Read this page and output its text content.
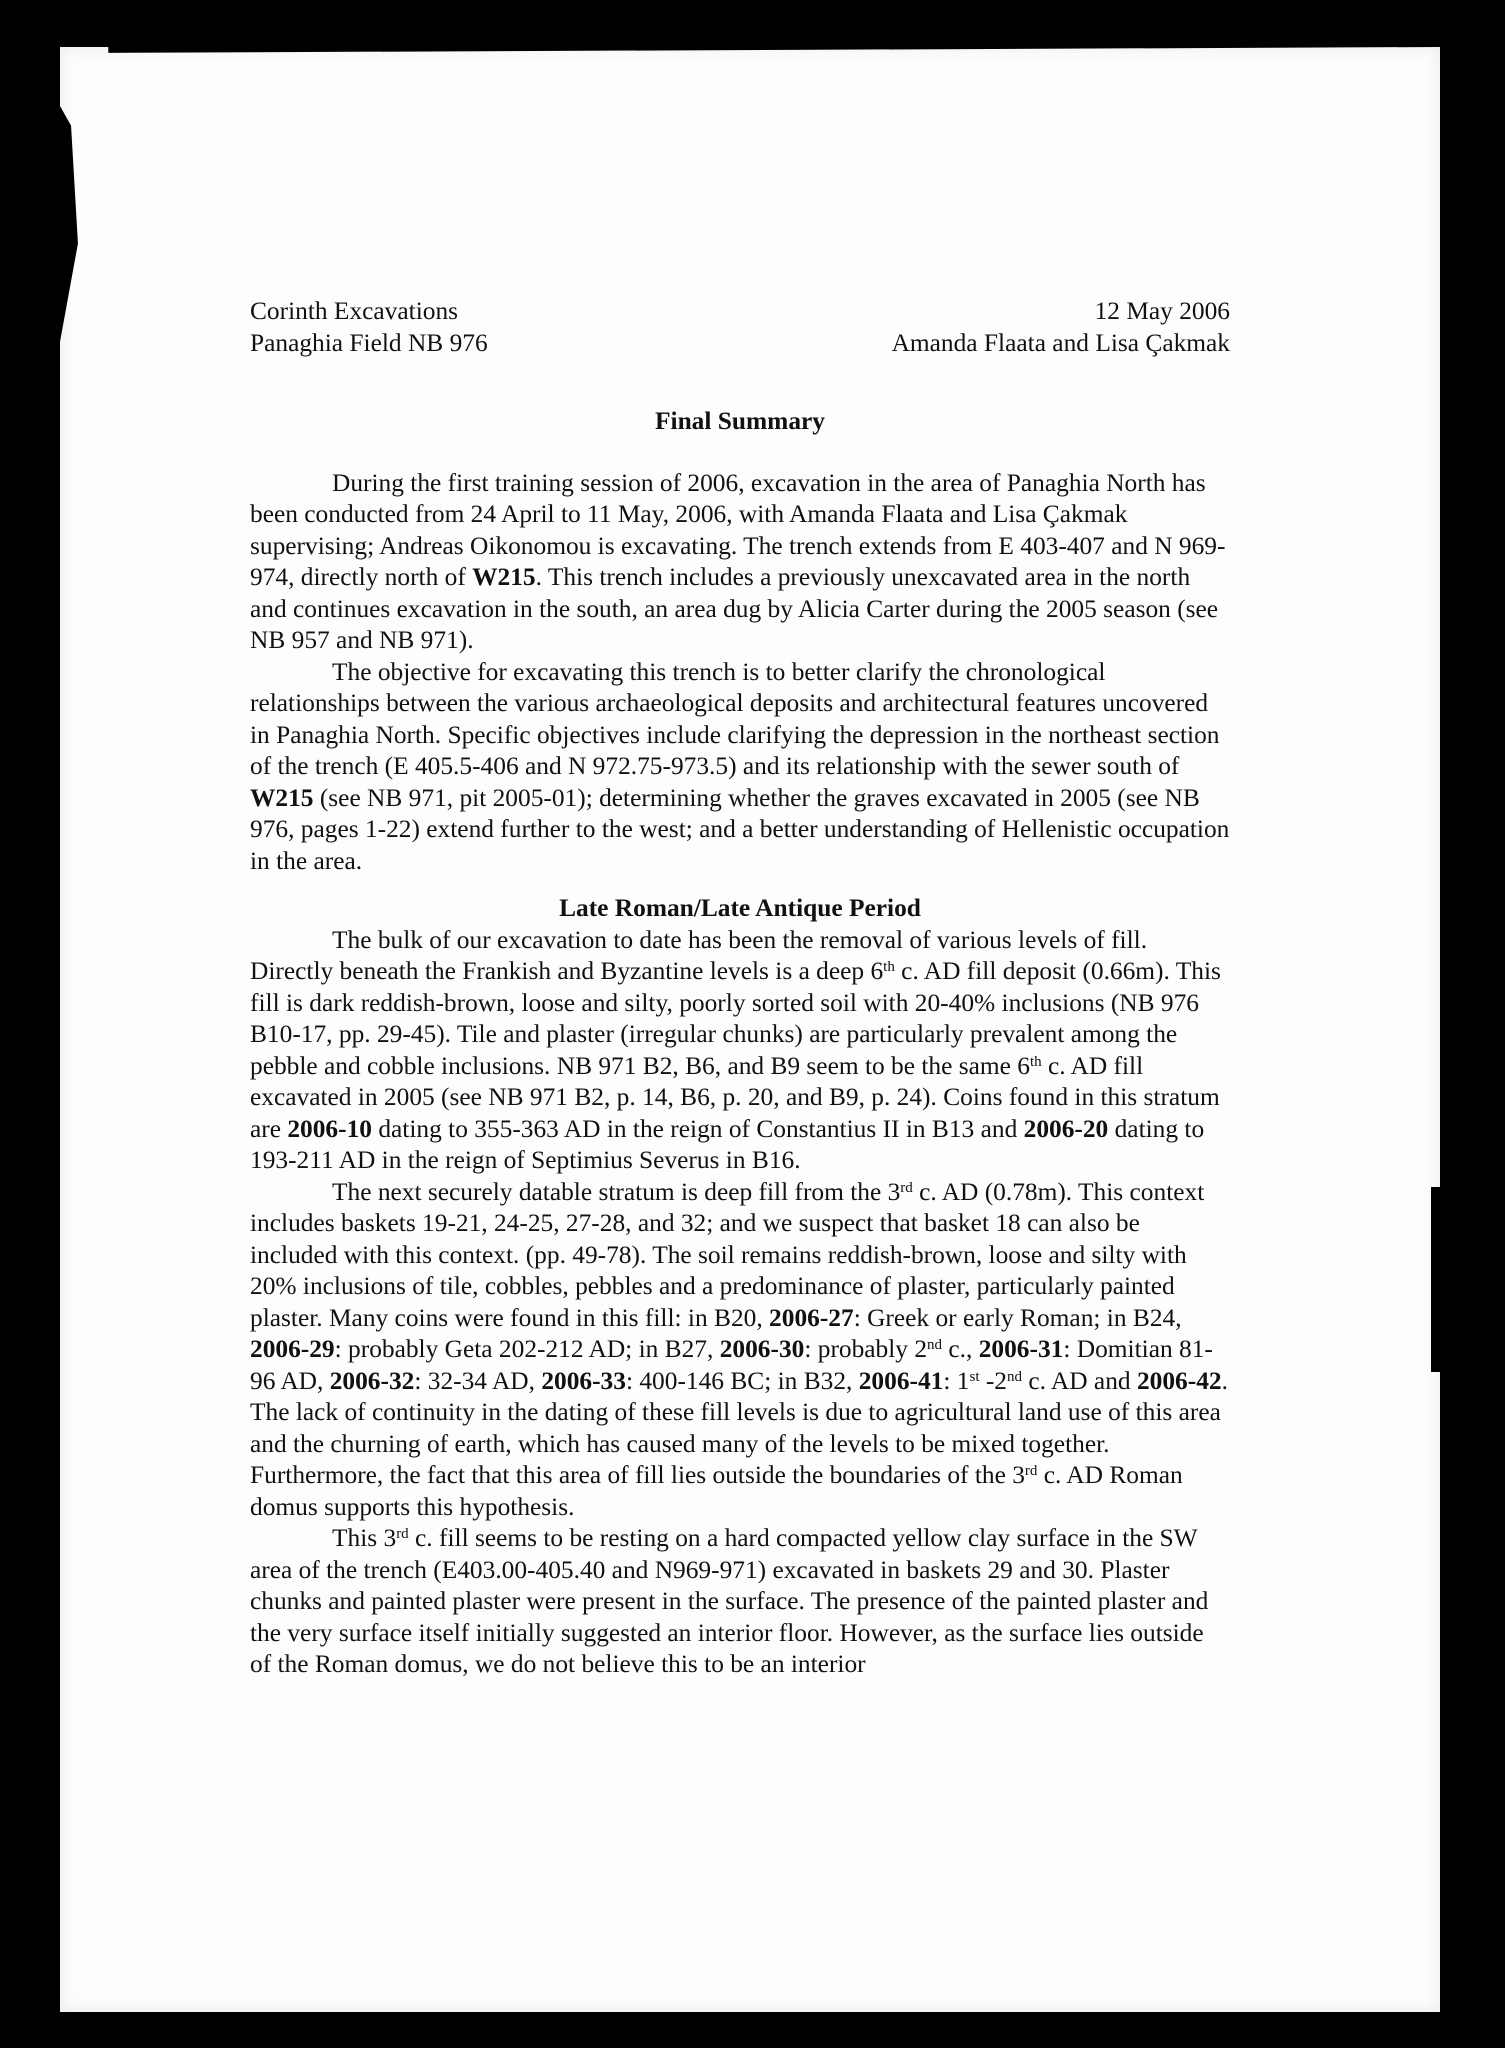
Corinth Excavations
Panaghia Field NB 976
12 May 2006
Amanda Flaata and Lisa Çakmak
Final Summary

During the first training session of 2006, excavation in the area of Panaghia North has been conducted from 24 April to 11 May, 2006, with Amanda Flaata and Lisa Çakmak supervising; Andreas Oikonomou is excavating. The trench extends from E 403-407 and N 969-974, directly north of W215. This trench includes a previously unexcavated area in the north and continues excavation in the south, an area dug by Alicia Carter during the 2005 season (see NB 957 and NB 971).

The objective for excavating this trench is to better clarify the chronological relationships between the various archaeological deposits and architectural features uncovered in Panaghia North. Specific objectives include clarifying the depression in the northeast section of the trench (E 405.5-406 and N 972.75-973.5) and its relationship with the sewer south of W215 (see NB 971, pit 2005-01); determining whether the graves excavated in 2005 (see NB 976, pages 1-22) extend further to the west; and a better understanding of Hellenistic occupation in the area.

Late Roman/Late Antique Period

The bulk of our excavation to date has been the removal of various levels of fill. Directly beneath the Frankish and Byzantine levels is a deep 6th c. AD fill deposit (0.66m). This fill is dark reddish-brown, loose and silty, poorly sorted soil with 20-40% inclusions (NB 976 B10-17, pp. 29-45). Tile and plaster (irregular chunks) are particularly prevalent among the pebble and cobble inclusions. NB 971 B2, B6, and B9 seem to be the same 6th c. AD fill excavated in 2005 (see NB 971 B2, p. 14, B6, p. 20, and B9, p. 24). Coins found in this stratum are 2006-10 dating to 355-363 AD in the reign of Constantius II in B13 and 2006-20 dating to 193-211 AD in the reign of Septimius Severus in B16.

The next securely datable stratum is deep fill from the 3rd c. AD (0.78m). This context includes baskets 19-21, 24-25, 27-28, and 32; and we suspect that basket 18 can also be included with this context. (pp. 49-78). The soil remains reddish-brown, loose and silty with 20% inclusions of tile, cobbles, pebbles and a predominance of plaster, particularly painted plaster. Many coins were found in this fill: in B20, 2006-27: Greek or early Roman; in B24, 2006-29: probably Geta 202-212 AD; in B27, 2006-30: probably 2nd c., 2006-31: Domitian 81-96 AD, 2006-32: 32-34 AD, 2006-33: 400-146 BC; in B32, 2006-41: 1st -2nd c. AD and 2006-42. The lack of continuity in the dating of these fill levels is due to agricultural land use of this area and the churning of earth, which has caused many of the levels to be mixed together. Furthermore, the fact that this area of fill lies outside the boundaries of the 3rd c. AD Roman domus supports this hypothesis.

This 3rd c. fill seems to be resting on a hard compacted yellow clay surface in the SW area of the trench (E403.00-405.40 and N969-971) excavated in baskets 29 and 30. Plaster chunks and painted plaster were present in the surface. The presence of the painted plaster and the very surface itself initially suggested an interior floor. However, as the surface lies outside of the Roman domus, we do not believe this to be an interior
